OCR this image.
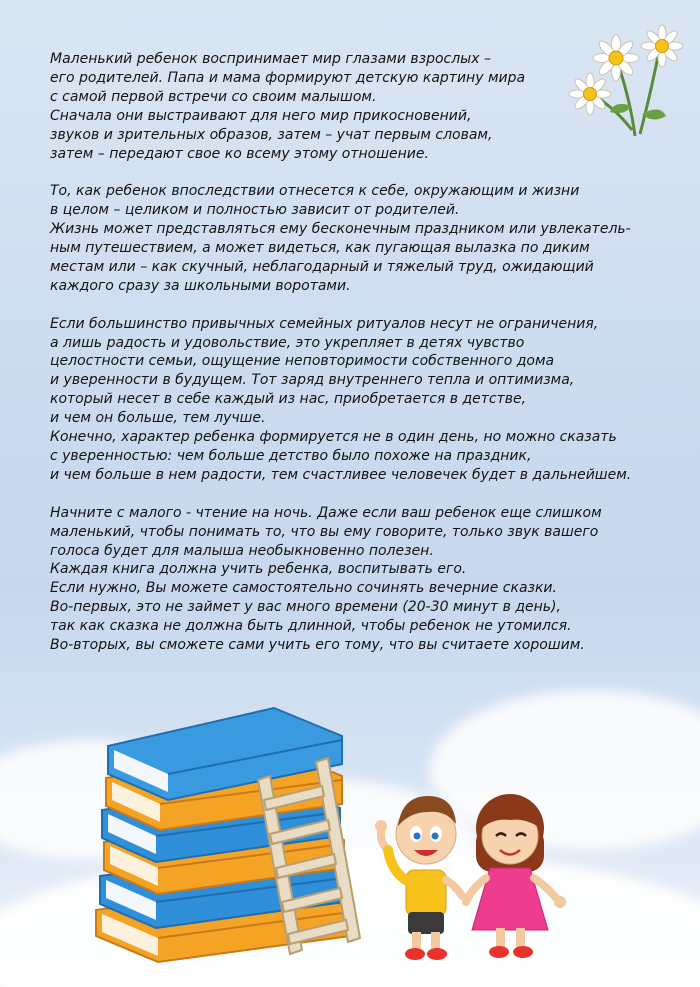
Маленький ребенок воспринимает мир глазами взрослых –
его родителей. Папа и мама формируют детскую картину мира
с самой первой встречи со своим малышом.
Сначала они выстраивают для него мир прикосновений,
звуков и зрительных образов, затем – учат первым словам,
затем – передают свое ко всему этому отношение.

То, как ребенок впоследствии отнесется к себе, окружающим и жизни
в целом – целиком и полностью зависит от родителей.
Жизнь может представляться ему бесконечным праздником или увлекатель-
ным путешествием, а может видеться, как пугающая вылазка по диким
местам или – как скучный, неблагодарный и тяжелый труд, ожидающий
каждого сразу за школьными воротами.

Если большинство привычных семейных ритуалов несут не ограничения,
а лишь радость и удовольствие, это укрепляет в детях чувство
целостности семьи, ощущение неповторимости собственного дома
и уверенности в будущем. Тот заряд внутреннего тепла и оптимизма,
который несет в себе каждый из нас, приобретается в детстве,
и чем он больше, тем лучше.
Конечно, характер ребенка формируется не в один день, но можно сказать
с уверенностью: чем больше детство было похоже на праздник,
и чем больше в нем радости, тем счастливее человечек будет в дальнейшем.

Начните с малого - чтение на ночь. Даже если ваш ребенок еще слишком
маленький, чтобы понимать то, что вы ему говорите, только звук вашего
голоса будет для малыша необыкновенно полезен.
Каждая книга должна учить ребенка, воспитывать его.
Если нужно, Вы можете самостоятельно сочинять вечерние сказки.
Во-первых, это не займет у вас много времени (20-30 минут в день),
так как сказка не должна быть длинной, чтобы ребенок не утомился.
Во-вторых, вы сможете сами учить его тому, что вы считаете хорошим.
